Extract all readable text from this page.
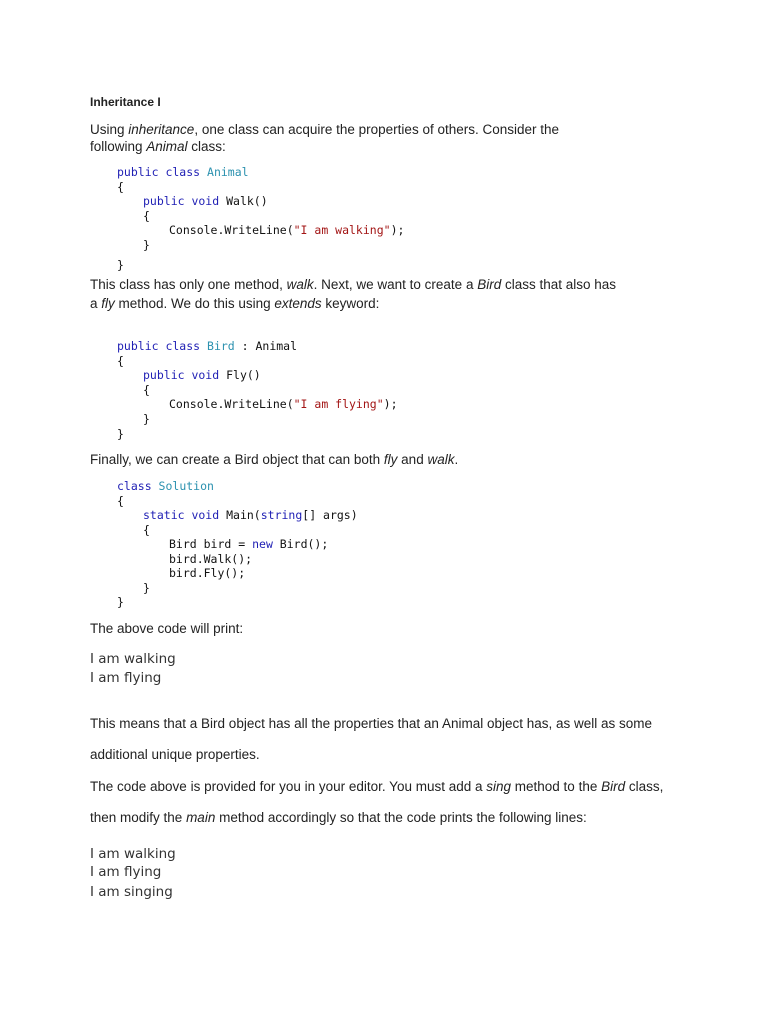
Inheritance I
Using inheritance, one class can acquire the properties of others. Consider the
following Animal class:
public class Animal
{
public void Walk()
{
Console.WriteLine("I am walking");
}
}
This class has only one method, walk. Next, we want to create a Bird class that also has
a fly method. We do this using extends keyword:
public class Bird : Animal
{
public void Fly()
{
Console.WriteLine("I am flying");
}
}
Finally, we can create a Bird object that can both fly and walk.
class Solution
{
static void Main(string[] args)
{
Bird bird = new Bird();
bird.Walk();
bird.Fly();
}
}
The above code will print:
I am walking
I am flying
This means that a Bird object has all the properties that an Animal object has, as well as some
additional unique properties.
The code above is provided for you in your editor. You must add a sing method to the Bird class,
then modify the main method accordingly so that the code prints the following lines:
I am walking
I am flying
I am singing
